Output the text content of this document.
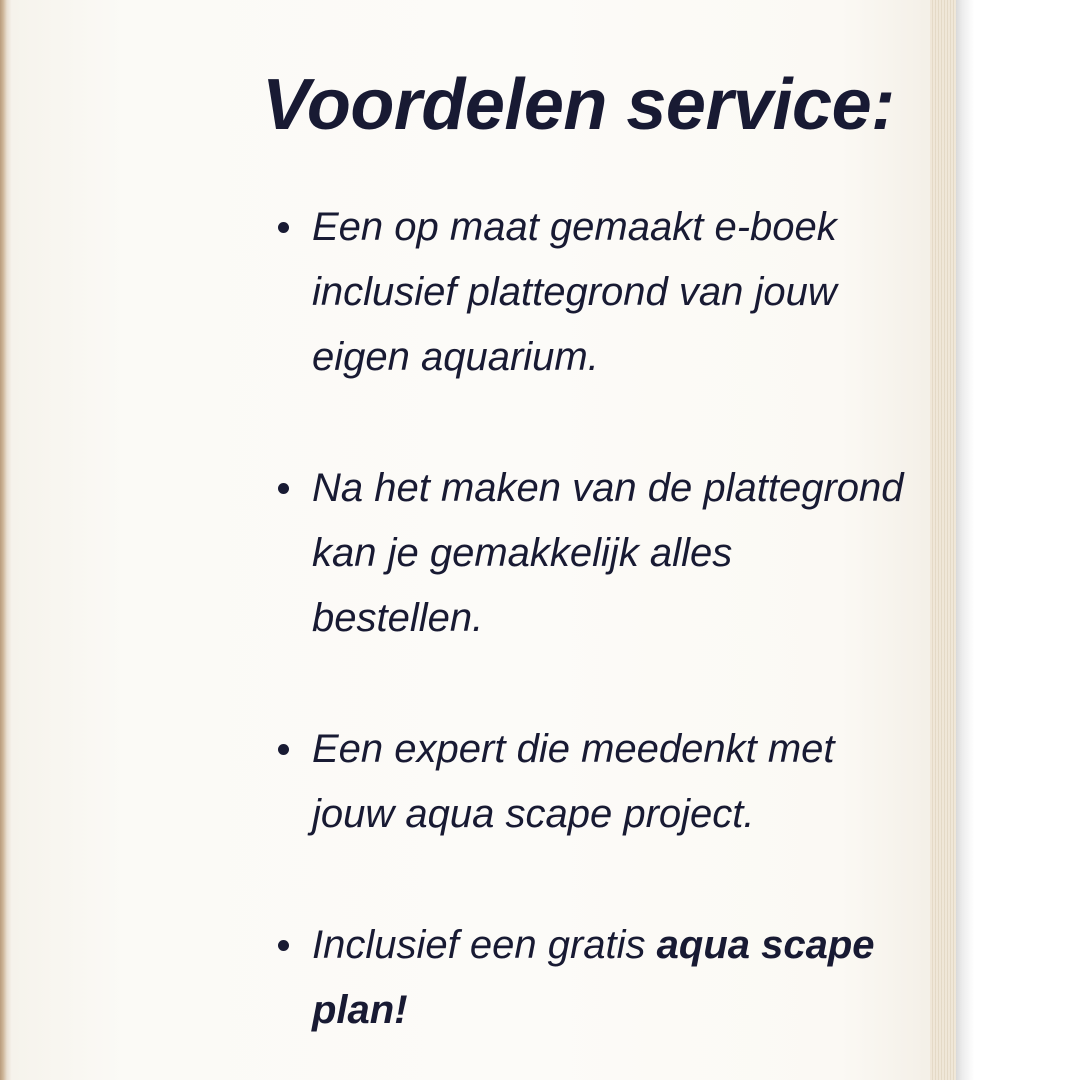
Voordelen service:
Een op maat gemaakt e-boek inclusief plattegrond van jouw eigen aquarium.
Na het maken van de plattegrond kan je gemakkelijk alles bestellen.
Een expert die meedenkt met jouw aqua scape project.
Inclusief een gratis aqua scape plan!
